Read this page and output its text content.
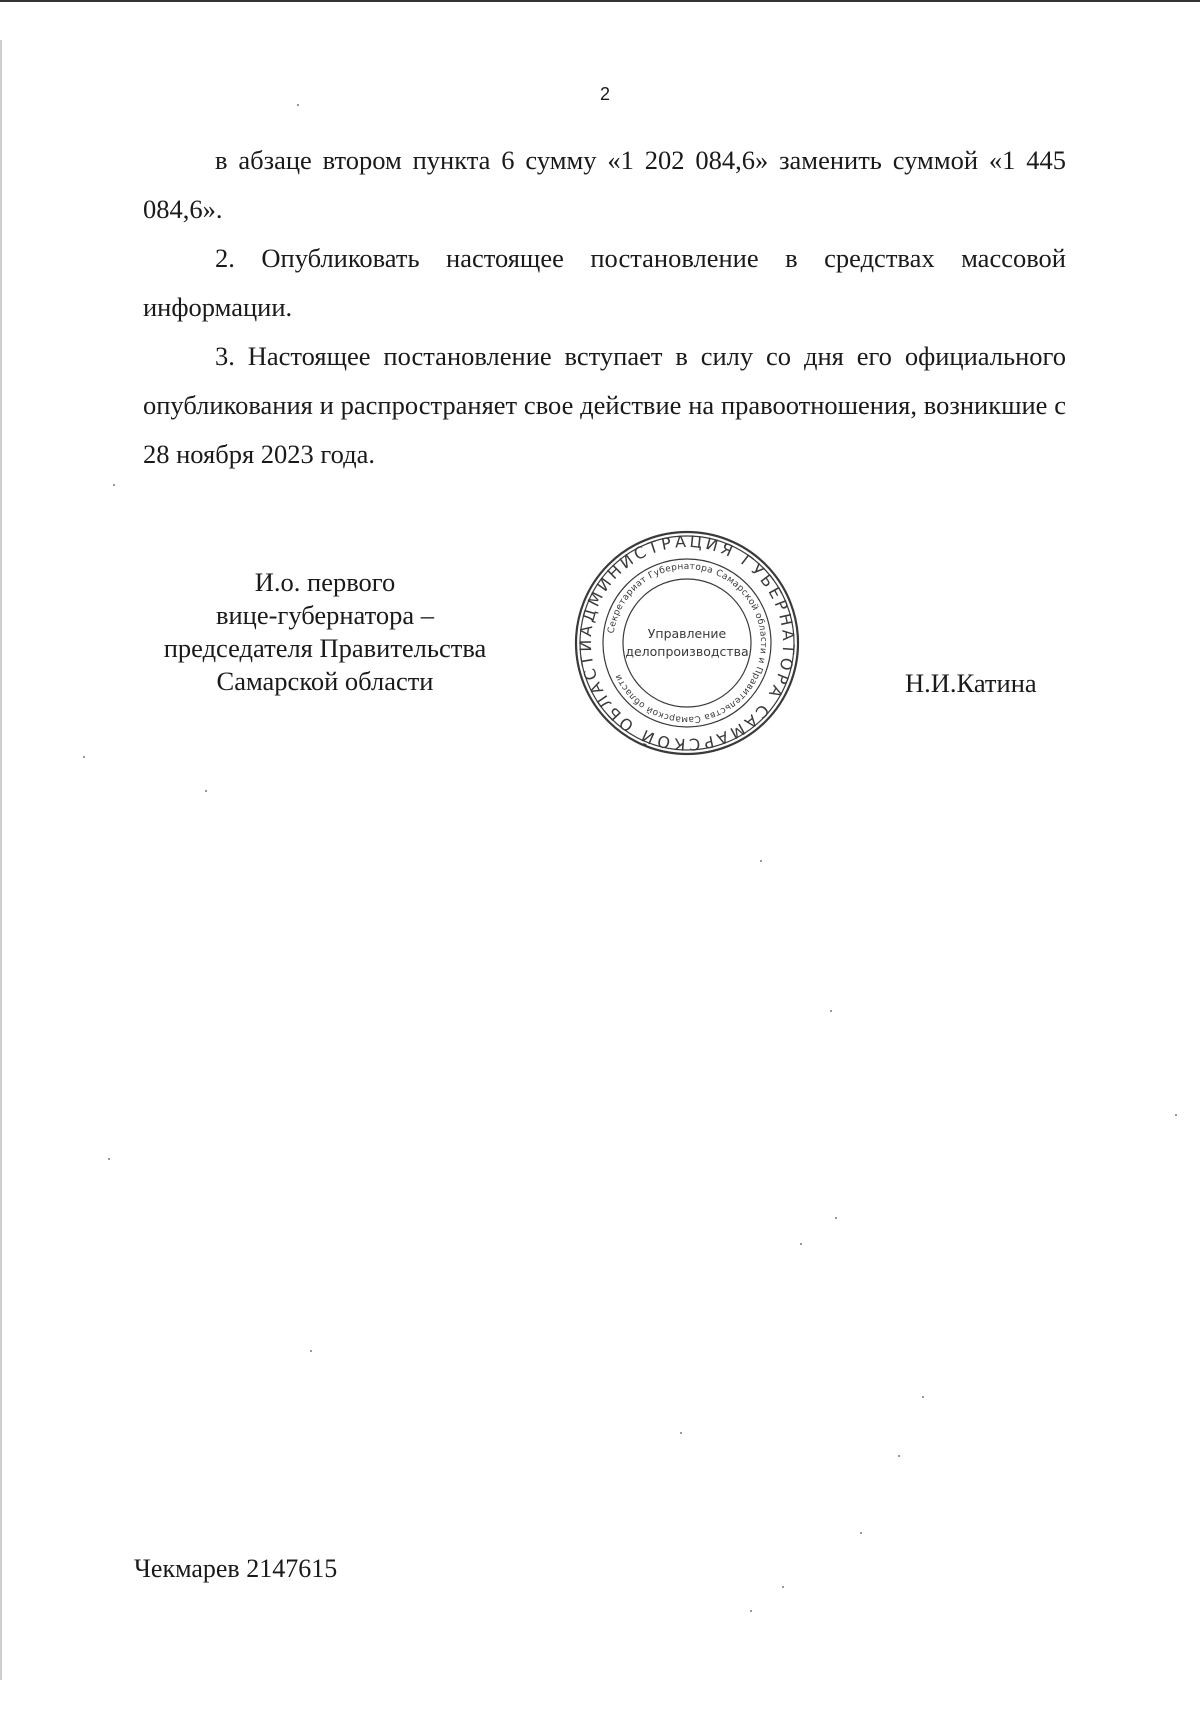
2

в абзаце втором пункта 6 сумму «1 202 084,6» заменить суммой «1 445 084,6».

2. Опубликовать настоящее постановление в средствах массовой информации.

3. Настоящее постановление вступает в силу со дня его официального опубликования и распространяет свое действие на правоотношения, возникшие с 28 ноября 2023 года.

И.о. первого
вице-губернатора –
председателя Правительства
Самарской области
АДМИНИСТРАЦИЯ ГУБЕРНАТОРА САМАРСКОЙ ОБЛАСТИ
Секретариат Губернатора Самарской области и Правительства Самарской области
Управление
делопроизводства
Н.И.Катина
Чекмарев 2147615
